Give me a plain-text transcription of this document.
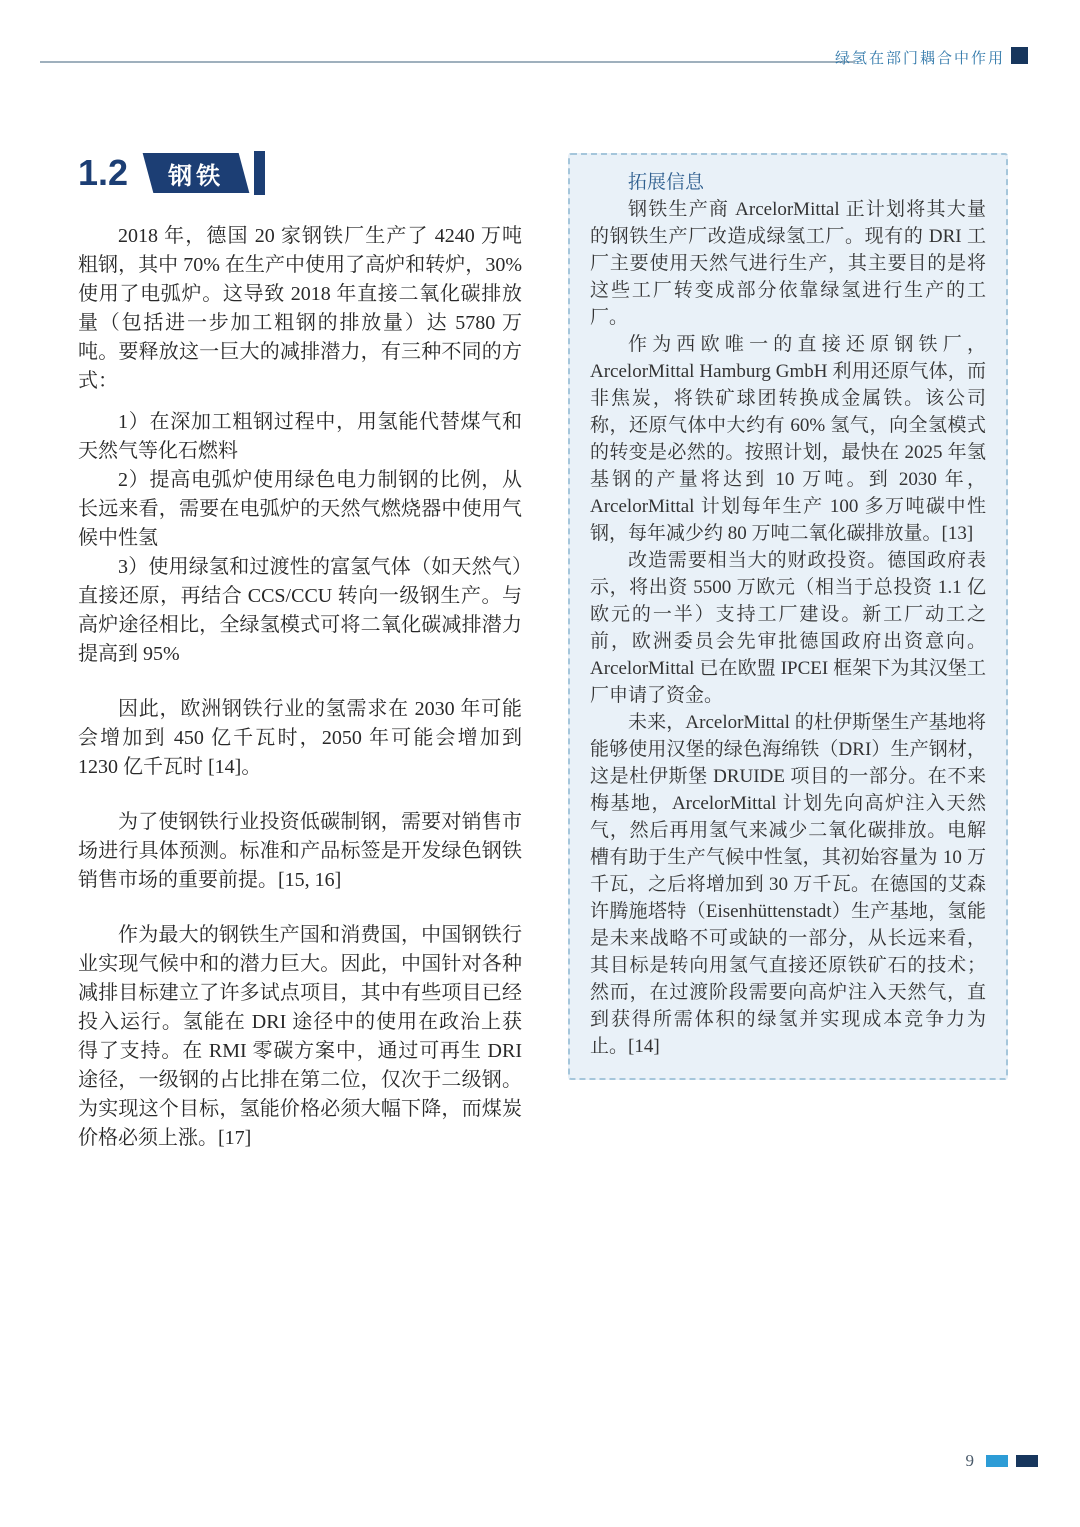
绿氢在部门耦合中作用
1.2 钢铁

2018 年，德国 20 家钢铁厂生产了 4240 万吨粗钢，其中 70% 在生产中使用了高炉和转炉，30% 使用了电弧炉。这导致 2018 年直接二氧化碳排放量（包括进一步加工粗钢的排放量）达 5780 万吨。要释放这一巨大的减排潜力，有三种不同的方式：

1）在深加工粗钢过程中，用氢能代替煤气和天然气等化石燃料

2）提高电弧炉使用绿色电力制钢的比例，从长远来看，需要在电弧炉的天然气燃烧器中使用气候中性氢

3）使用绿氢和过渡性的富氢气体（如天然气）直接还原，再结合 CCS/CCU 转向一级钢生产。与高炉途径相比，全绿氢模式可将二氧化碳减排潜力提高到 95%

因此，欧洲钢铁行业的氢需求在 2030 年可能会增加到 450 亿千瓦时，2050 年可能会增加到 1230 亿千瓦时 [14]。

为了使钢铁行业投资低碳制钢，需要对销售市场进行具体预测。标准和产品标签是开发绿色钢铁销售市场的重要前提。[15, 16]

作为最大的钢铁生产国和消费国，中国钢铁行业实现气候中和的潜力巨大。因此，中国针对各种减排目标建立了许多试点项目，其中有些项目已经投入运行。氢能在 DRI 途径中的使用在政治上获得了支持。在 RMI 零碳方案中，通过可再生 DRI 途径，一级钢的占比排在第二位，仅次于二级钢。为实现这个目标，氢能价格必须大幅下降，而煤炭价格必须上涨。[17]

拓展信息

钢铁生产商 ArcelorMittal 正计划将其大量的钢铁生产厂改造成绿氢工厂。现有的 DRI 工厂主要使用天然气进行生产，其主要目的是将这些工厂转变成部分依靠绿氢进行生产的工厂。

作为西欧唯一的直接还原钢铁厂，ArcelorMittal Hamburg GmbH 利用还原气体，而非焦炭，将铁矿球团转换成金属铁。该公司称，还原气体中大约有 60% 氢气，向全氢模式的转变是必然的。按照计划，最快在 2025 年氢基钢的产量将达到 10 万吨。到 2030 年，ArcelorMittal 计划每年生产 100 多万吨碳中性钢，每年减少约 80 万吨二氧化碳排放量。[13]

改造需要相当大的财政投资。德国政府表示，将出资 5500 万欧元（相当于总投资 1.1 亿欧元的一半）支持工厂建设。新工厂动工之前，欧洲委员会先审批德国政府出资意向。ArcelorMittal 已在欧盟 IPCEI 框架下为其汉堡工厂申请了资金。

未来，ArcelorMittal 的杜伊斯堡生产基地将能够使用汉堡的绿色海绵铁（DRI）生产钢材，这是杜伊斯堡 DRUIDE 项目的一部分。在不来梅基地，ArcelorMittal 计划先向高炉注入天然气，然后再用氢气来减少二氧化碳排放。电解槽有助于生产气候中性氢，其初始容量为 10 万千瓦，之后将增加到 30 万千瓦。在德国的艾森许腾施塔特（Eisenhüttenstadt）生产基地，氢能是未来战略不可或缺的一部分，从长远来看，其目标是转向用氢气直接还原铁矿石的技术；然而，在过渡阶段需要向高炉注入天然气，直到获得所需体积的绿氢并实现成本竞争力为止。[14]

9
